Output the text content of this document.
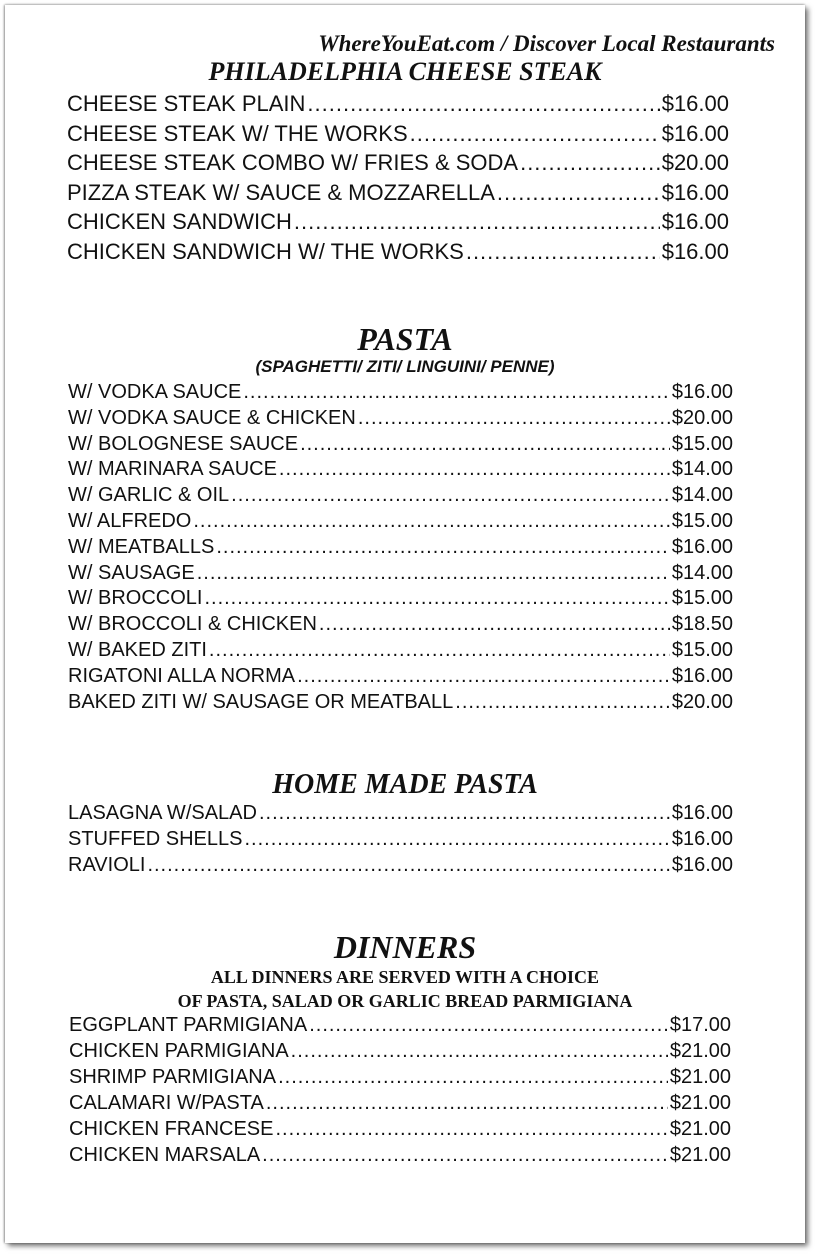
WhereYouEat.com / Discover Local Restaurants
PHILADELPHIA CHEESE STEAK
CHEESE STEAK PLAIN .....	$16.00
CHEESE STEAK W/ THE WORKS .....	$16.00
CHEESE STEAK COMBO W/ FRIES & SODA .....	$20.00
PIZZA STEAK W/ SAUCE & MOZZARELLA .....	$16.00
CHICKEN SANDWICH .....	$16.00
CHICKEN SANDWICH W/ THE WORKS .....	$16.00
PASTA
(SPAGHETTI/ ZITI/ LINGUINI/ PENNE)
W/ VODKA SAUCE .....	$16.00
W/ VODKA SAUCE & CHICKEN .....	$20.00
W/ BOLOGNESE SAUCE .....	$15.00
W/ MARINARA SAUCE .....	$14.00
W/ GARLIC & OIL .....	$14.00
W/ ALFREDO .....	$15.00
W/ MEATBALLS .....	$16.00
W/ SAUSAGE .....	$14.00
W/ BROCCOLI .....	$15.00
W/ BROCCOLI & CHICKEN .....	$18.50
W/ BAKED ZITI .....	$15.00
RIGATONI ALLA NORMA .....	$16.00
BAKED ZITI W/ SAUSAGE OR MEATBALL .....	$20.00
HOME MADE PASTA
LASAGNA W/SALAD .....	$16.00
STUFFED SHELLS .....	$16.00
RAVIOLI .....	$16.00
DINNERS
ALL DINNERS ARE SERVED WITH A CHOICE
OF PASTA, SALAD OR GARLIC BREAD PARMIGIANA
EGGPLANT PARMIGIANA .....	$17.00
CHICKEN PARMIGIANA .....	$21.00
SHRIMP PARMIGIANA .....	$21.00
CALAMARI W/PASTA .....	$21.00
CHICKEN FRANCESE .....	$21.00
CHICKEN MARSALA .....	$21.00
